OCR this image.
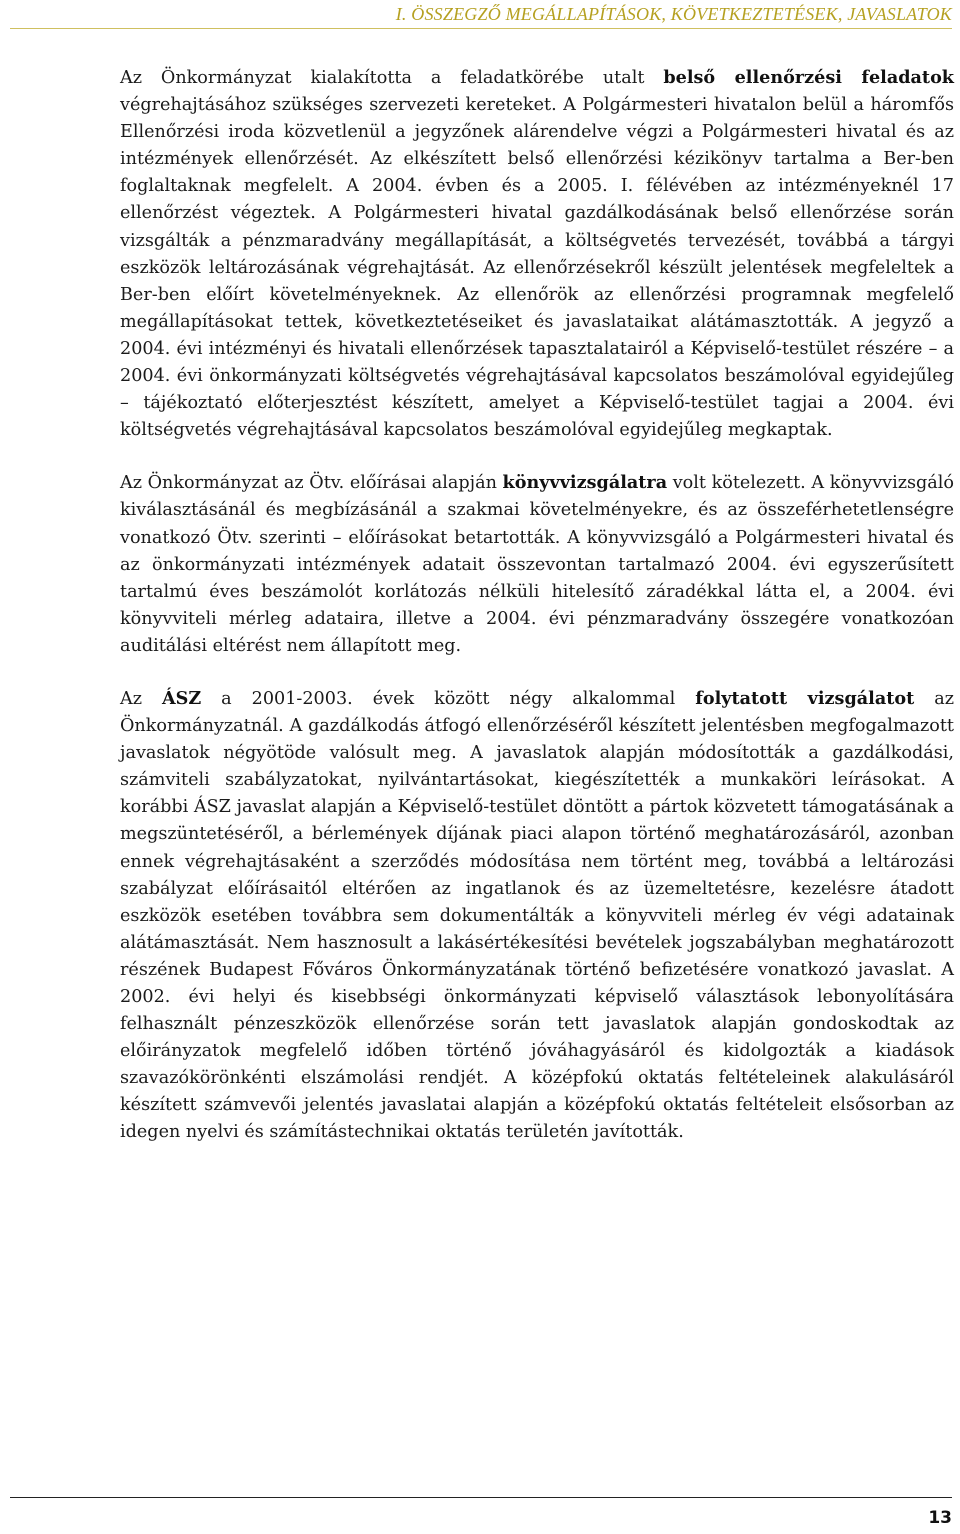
I. ÖSSZEGZŐ MEGÁLLAPÍTÁSOK, KÖVETKEZTETÉSEK, JAVASLATOK

Az Önkormányzat kialakította a feladatkörébe utalt belső ellenőrzési feladatok végrehajtásához szükséges szervezeti kereteket. A Polgármesteri hivatalon belül a háromfős Ellenőrzési iroda közvetlenül a jegyzőnek alárendelve végzi a Polgármesteri hivatal és az intézmények ellenőrzését. Az elkészített belső ellenőrzési kézikönyv tartalma a Ber-ben foglaltaknak megfelelt. A 2004. évben és a 2005. I. félévében az intézményeknél 17 ellenőrzést végeztek. A Polgármesteri hivatal gazdálkodásának belső ellenőrzése során vizsgálták a pénzmaradvány megállapítását, a költségvetés tervezését, továbbá a tárgyi eszközök leltározásának végrehajtását. Az ellenőrzésekről készült jelentések megfeleltek a Ber-ben előírt követelményeknek. Az ellenőrök az ellenőrzési programnak megfelelő megállapításokat tettek, következtetéseiket és javaslataikat alátámasztották. A jegyző a 2004. évi intézményi és hivatali ellenőrzések tapasztalatairól a Képviselő-testület részére – a 2004. évi önkormányzati költségvetés végrehajtásával kapcsolatos beszámolóval egyidejűleg – tájékoztató előterjesztést készített, amelyet a Képviselő-testület tagjai a 2004. évi költségvetés végrehajtásával kapcsolatos beszámolóval egyidejűleg megkaptak.

Az Önkormányzat az Ötv. előírásai alapján könyvvizsgálatra volt kötelezett. A könyvvizsgáló kiválasztásánál és megbízásánál a szakmai követelményekre, és az összeférhetetlenségre vonatkozó Ötv. szerinti – előírásokat betartották. A könyvvizsgáló a Polgármesteri hivatal és az önkormányzati intézmények adatait összevontan tartalmazó 2004. évi egyszerűsített tartalmú éves beszámolót korlátozás nélküli hitelesítő záradékkal látta el, a 2004. évi könyvviteli mérleg adataira, illetve a 2004. évi pénzmaradvány összegére vonatkozóan auditálási eltérést nem állapított meg.

Az ÁSZ a 2001-2003. évek között négy alkalommal folytatott vizsgálatot az Önkormányzatnál. A gazdálkodás átfogó ellenőrzéséről készített jelentésben megfogalmazott javaslatok négyötöde valósult meg. A javaslatok alapján módosították a gazdálkodási, számviteli szabályzatokat, nyilvántartásokat, kiegészítették a munkaköri leírásokat. A korábbi ÁSZ javaslat alapján a Képviselő-testület döntött a pártok közvetett támogatásának a megszüntetéséről, a bérlemények díjának piaci alapon történő meghatározásáról, azonban ennek végrehajtásaként a szerződés módosítása nem történt meg, továbbá a leltározási szabályzat előírásaitól eltérően az ingatlanok és az üzemeltetésre, kezelésre átadott eszközök esetében továbbra sem dokumentálták a könyvviteli mérleg év végi adatainak alátámasztását. Nem hasznosult a lakásértékesítési bevételek jogszabályban meghatározott részének Budapest Főváros Önkormányzatának történő befizetésére vonatkozó javaslat. A 2002. évi helyi és kisebbségi önkormányzati képviselő választások lebonyolítására felhasznált pénzeszközök ellenőrzése során tett javaslatok alapján gondoskodtak az előirányzatok megfelelő időben történő jóváhagyásáról és kidolgozták a kiadások szavazókörönkénti elszámolási rendjét. A középfokú oktatás feltételeinek alakulásáról készített számvevői jelentés javaslatai alapján a középfokú oktatás feltételeit elsősorban az idegen nyelvi és számítástechnikai oktatás területén javították.

13
